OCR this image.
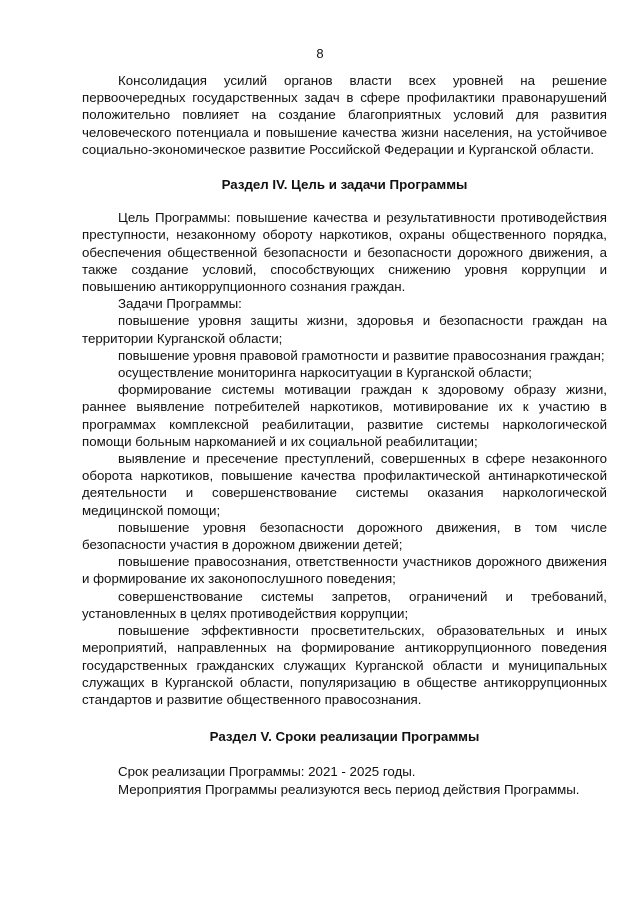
8

Консолидация усилий органов власти всех уровней на решение первоочередных государственных задач в сфере профилактики правонарушений положительно повлияет на создание благоприятных условий для развития человеческого потенциала и повышение качества жизни населения, на устойчивое социально-экономическое развитие Российской Федерации и Курганской области.

Раздел IV. Цель и задачи Программы

Цель Программы: повышение качества и результативности противодействия преступности, незаконному обороту наркотиков, охраны общественного порядка, обеспечения общественной безопасности и безопасности дорожного движения, а также создание условий, способствующих снижению уровня коррупции и повышению антикоррупционного сознания граждан.

Задачи Программы:

повышение уровня защиты жизни, здоровья и безопасности граждан на территории Курганской области;

повышение уровня правовой грамотности и развитие правосознания граждан;

осуществление мониторинга наркоситуации в Курганской области;

формирование системы мотивации граждан к здоровому образу жизни, раннее выявление потребителей наркотиков, мотивирование их к участию в программах комплексной реабилитации, развитие системы наркологической помощи больным наркоманией и их социальной реабилитации;

выявление и пресечение преступлений, совершенных в сфере незаконного оборота наркотиков, повышение качества профилактической антинаркотической деятельности и совершенствование системы оказания наркологической медицинской помощи;

повышение уровня безопасности дорожного движения, в том числе безопасности участия в дорожном движении детей;

повышение правосознания, ответственности участников дорожного движения и формирование их законопослушного поведения;

совершенствование системы запретов, ограничений и требований, установленных в целях противодействия коррупции;

повышение эффективности просветительских, образовательных и иных мероприятий, направленных на формирование антикоррупционного поведения государственных гражданских служащих Курганской области и муниципальных служащих в Курганской области, популяризацию в обществе антикоррупционных стандартов и развитие общественного правосознания.

Раздел V. Сроки реализации Программы

Срок реализации Программы: 2021 - 2025 годы.

Мероприятия Программы реализуются весь период действия Программы.
